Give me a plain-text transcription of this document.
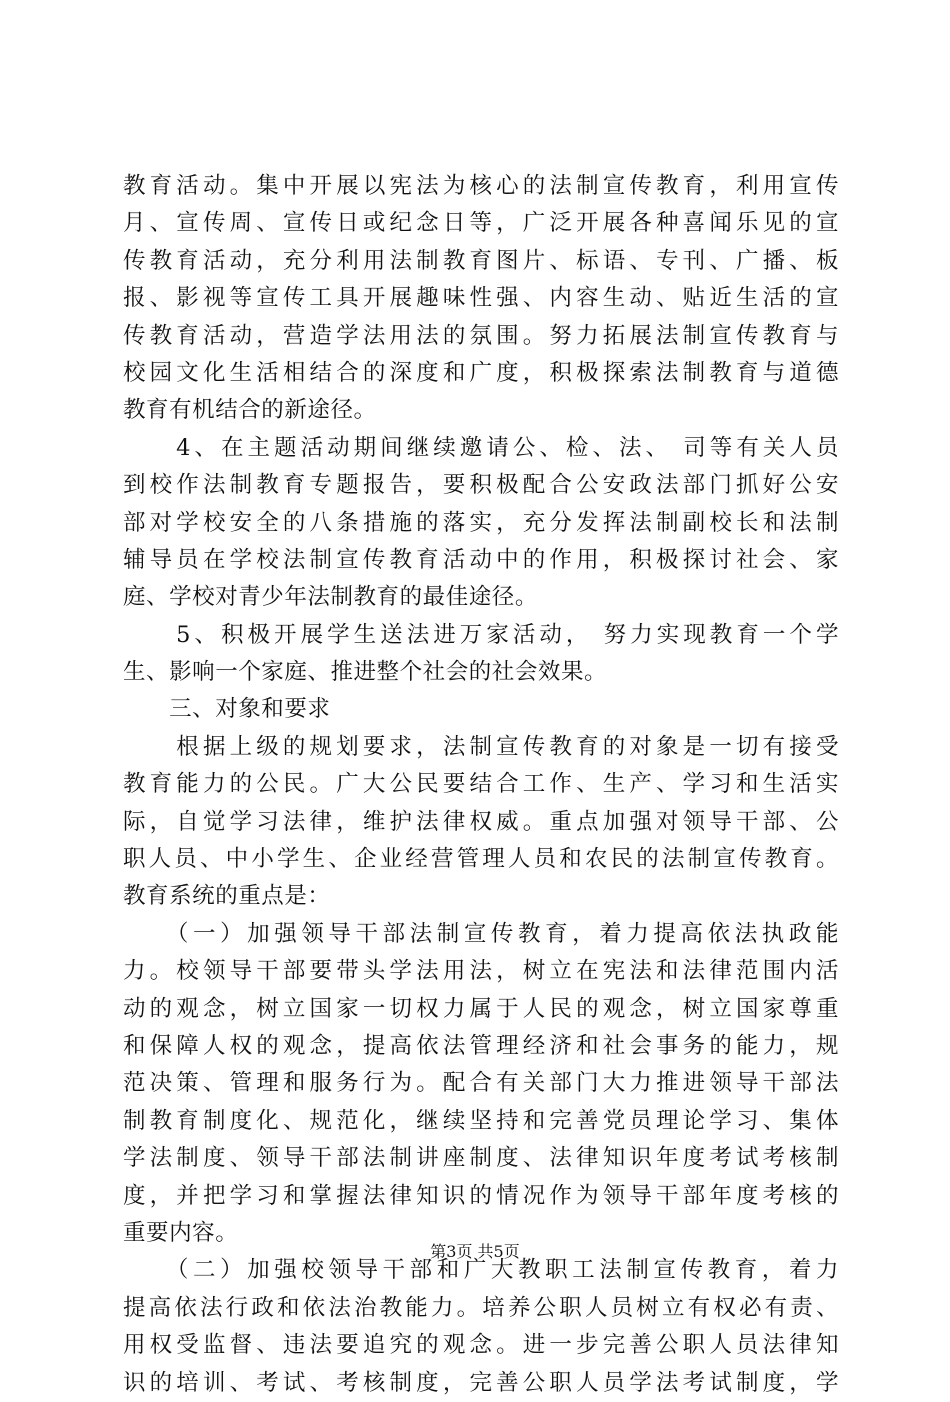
教育活动。集中开展以宪法为核心的法制宣传教育，利用宣传
月、宣传周、宣传日或纪念日等，广泛开展各种喜闻乐见的宣
传教育活动，充分利用法制教育图片、标语、专刊、广播、板
报、影视等宣传工具开展趣味性强、内容生动、贴近生活的宣
传教育活动，营造学法用法的氛围。努力拓展法制宣传教育与
校园文化生活相结合的深度和广度，积极探索法制教育与道德
教育有机结合的新途径。
　　4、在主题活动期间继续邀请公、检、法、 司等有关人员
到校作法制教育专题报告，要积极配合公安政法部门抓好公安
部对学校安全的八条措施的落实，充分发挥法制副校长和法制
辅导员在学校法制宣传教育活动中的作用，积极探讨社会、家
庭、学校对青少年法制教育的最佳途径。
　　5、积极开展学生送法进万家活动， 努力实现教育一个学
生、影响一个家庭、推进整个社会的社会效果。
　　三、对象和要求
　　根据上级的规划要求，法制宣传教育的对象是一切有接受
教育能力的公民。广大公民要结合工作、生产、学习和生活实
际，自觉学习法律，维护法律权威。重点加强对领导干部、公
职人员、中小学生、企业经营管理人员和农民的法制宣传教育。
教育系统的重点是：
　　（一）加强领导干部法制宣传教育，着力提高依法执政能
力。校领导干部要带头学法用法，树立在宪法和法律范围内活
动的观念，树立国家一切权力属于人民的观念，树立国家尊重
和保障人权的观念，提高依法管理经济和社会事务的能力，规
范决策、管理和服务行为。配合有关部门大力推进领导干部法
制教育制度化、规范化，继续坚持和完善党员理论学习、集体
学法制度、领导干部法制讲座制度、法律知识年度考试考核制
度，并把学习和掌握法律知识的情况作为领导干部年度考核的
重要内容。
　　（二）加强校领导干部和广大教职工法制宣传教育，着力
提高依法行政和依法治教能力。培养公职人员树立有权必有责、
用权受监督、违法要追究的观念。进一步完善公职人员法律知
识的培训、考试、考核制度，完善公职人员学法考试制度，学
第3页 共5页
